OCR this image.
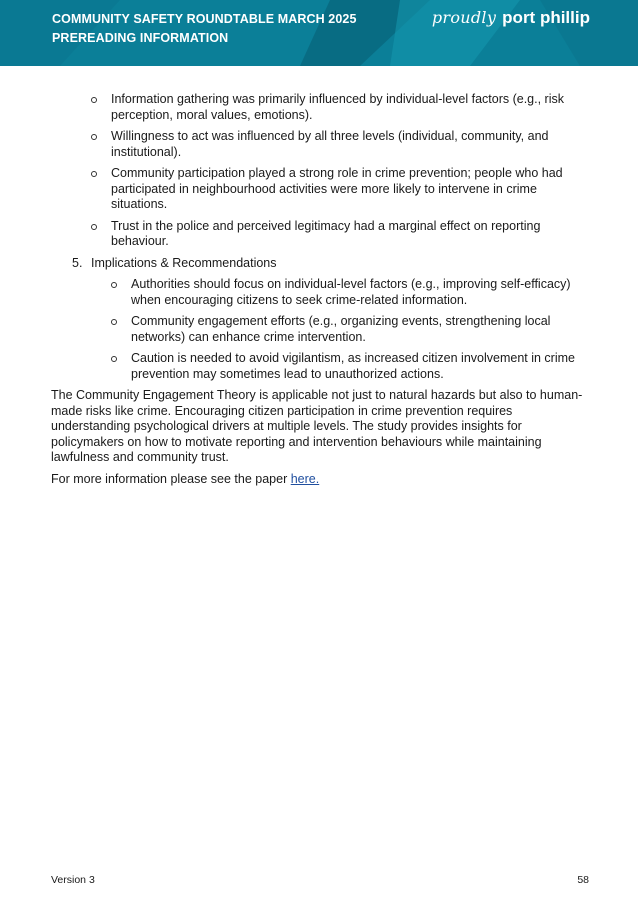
COMMUNITY SAFETY ROUNDTABLE MARCH 2025
PREREADING INFORMATION
proudly port phillip
Information gathering was primarily influenced by individual-level factors (e.g., risk perception, moral values, emotions).
Willingness to act was influenced by all three levels (individual, community, and institutional).
Community participation played a strong role in crime prevention; people who had participated in neighbourhood activities were more likely to intervene in crime situations.
Trust in the police and perceived legitimacy had a marginal effect on reporting behaviour.
5. Implications & Recommendations
Authorities should focus on individual-level factors (e.g., improving self-efficacy) when encouraging citizens to seek crime-related information.
Community engagement efforts (e.g., organizing events, strengthening local networks) can enhance crime intervention.
Caution is needed to avoid vigilantism, as increased citizen involvement in crime prevention may sometimes lead to unauthorized actions.

The Community Engagement Theory is applicable not just to natural hazards but also to human-made risks like crime. Encouraging citizen participation in crime prevention requires understanding psychological drivers at multiple levels. The study provides insights for policymakers on how to motivate reporting and intervention behaviours while maintaining lawfulness and community trust.

For more information please see the paper here.

Version 3	58
